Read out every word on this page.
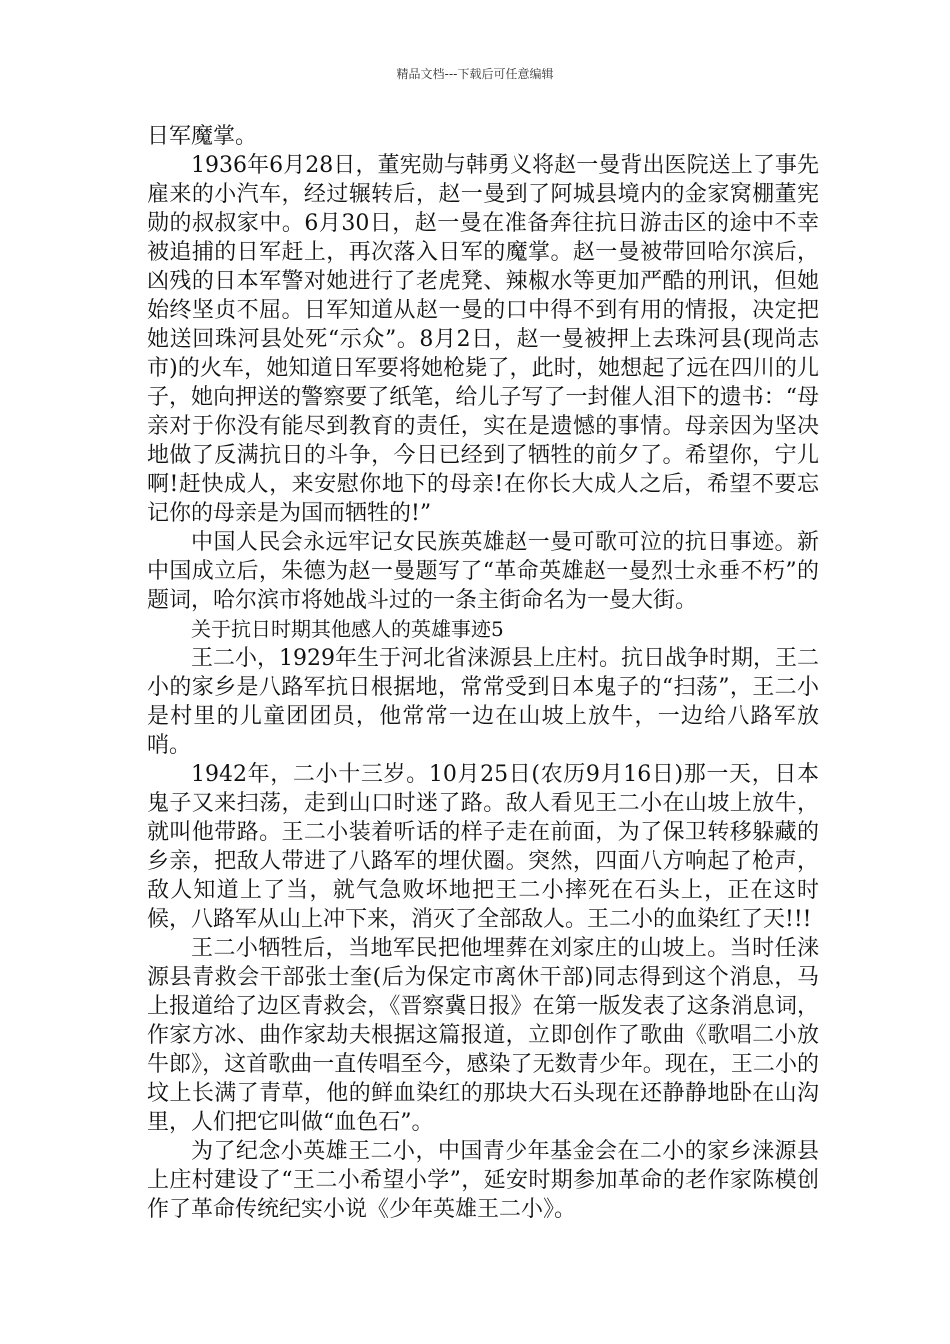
精品文档---下载后可任意编辑

日军魔掌。

1936年6月28日，董宪勋与韩勇义将赵一曼背出医院送上了事先雇来的小汽车，经过辗转后，赵一曼到了阿城县境内的金家窝棚董宪勋的叔叔家中。6月30日，赵一曼在准备奔往抗日游击区的途中不幸被追捕的日军赶上，再次落入日军的魔掌。赵一曼被带回哈尔滨后，凶残的日本军警对她进行了老虎凳、辣椒水等更加严酷的刑讯，但她始终坚贞不屈。日军知道从赵一曼的口中得不到有用的情报，决定把她送回珠河县处死“示众”。8月2日，赵一曼被押上去珠河县(现尚志市)的火车，她知道日军要将她枪毙了，此时，她想起了远在四川的儿子，她向押送的警察要了纸笔，给儿子写了一封催人泪下的遗书：“母亲对于你没有能尽到教育的责任，实在是遗憾的事情。母亲因为坚决地做了反满抗日的斗争，今日已经到了牺牲的前夕了。希望你，宁儿啊!赶快成人，来安慰你地下的母亲!在你长大成人之后，希望不要忘记你的母亲是为国而牺牲的!”

中国人民会永远牢记女民族英雄赵一曼可歌可泣的抗日事迹。新中国成立后，朱德为赵一曼题写了“革命英雄赵一曼烈士永垂不朽”的题词，哈尔滨市将她战斗过的一条主街命名为一曼大街。

关于抗日时期其他感人的英雄事迹5

王二小，1929年生于河北省涞源县上庄村。抗日战争时期，王二小的家乡是八路军抗日根据地，常常受到日本鬼子的“扫荡”，王二小是村里的儿童团团员，他常常一边在山坡上放牛，一边给八路军放哨。

1942年，二小十三岁。10月25日(农历9月16日)那一天，日本鬼子又来扫荡，走到山口时迷了路。敌人看见王二小在山坡上放牛，就叫他带路。王二小装着听话的样子走在前面，为了保卫转移躲藏的乡亲，把敌人带进了八路军的埋伏圈。突然，四面八方响起了枪声，敌人知道上了当，就气急败坏地把王二小摔死在石头上，正在这时候，八路军从山上冲下来，消灭了全部敌人。王二小的血染红了天!!!

王二小牺牲后，当地军民把他埋葬在刘家庄的山坡上。当时任涞源县青救会干部张士奎(后为保定市离休干部)同志得到这个消息，马上报道给了边区青救会，《晋察冀日报》在第一版发表了这条消息词，作家方冰、曲作家劫夫根据这篇报道，立即创作了歌曲《歌唱二小放牛郎》，这首歌曲一直传唱至今，感染了无数青少年。现在，王二小的坟上长满了青草，他的鲜血染红的那块大石头现在还静静地卧在山沟里，人们把它叫做“血色石”。

为了纪念小英雄王二小，中国青少年基金会在二小的家乡涞源县上庄村建设了“王二小希望小学”，延安时期参加革命的老作家陈模创作了革命传统纪实小说《少年英雄王二小》。
